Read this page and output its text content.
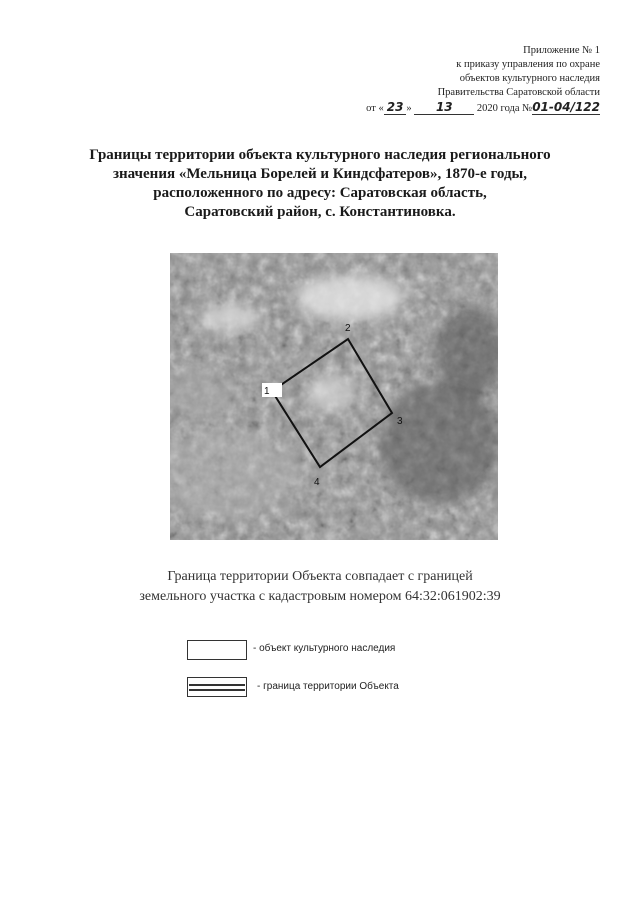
Приложение № 1
к приказу управления по охране
объектов культурного наследия
Правительства Саратовской области
от « 23 » 13 2020 года №01-04/122
Границы территории объекта культурного наследия регионального
значения «Мельница Борелей и Киндсфатеров», 1870-е годы,
расположенного по адресу: Саратовская область,
Саратовский район, с. Константиновка.
1
2
3
4
Граница территории Объекта совпадает с границей
земельного участка с кадастровым номером 64:32:061902:39
- объект культурного наследия
- граница территории Объекта
